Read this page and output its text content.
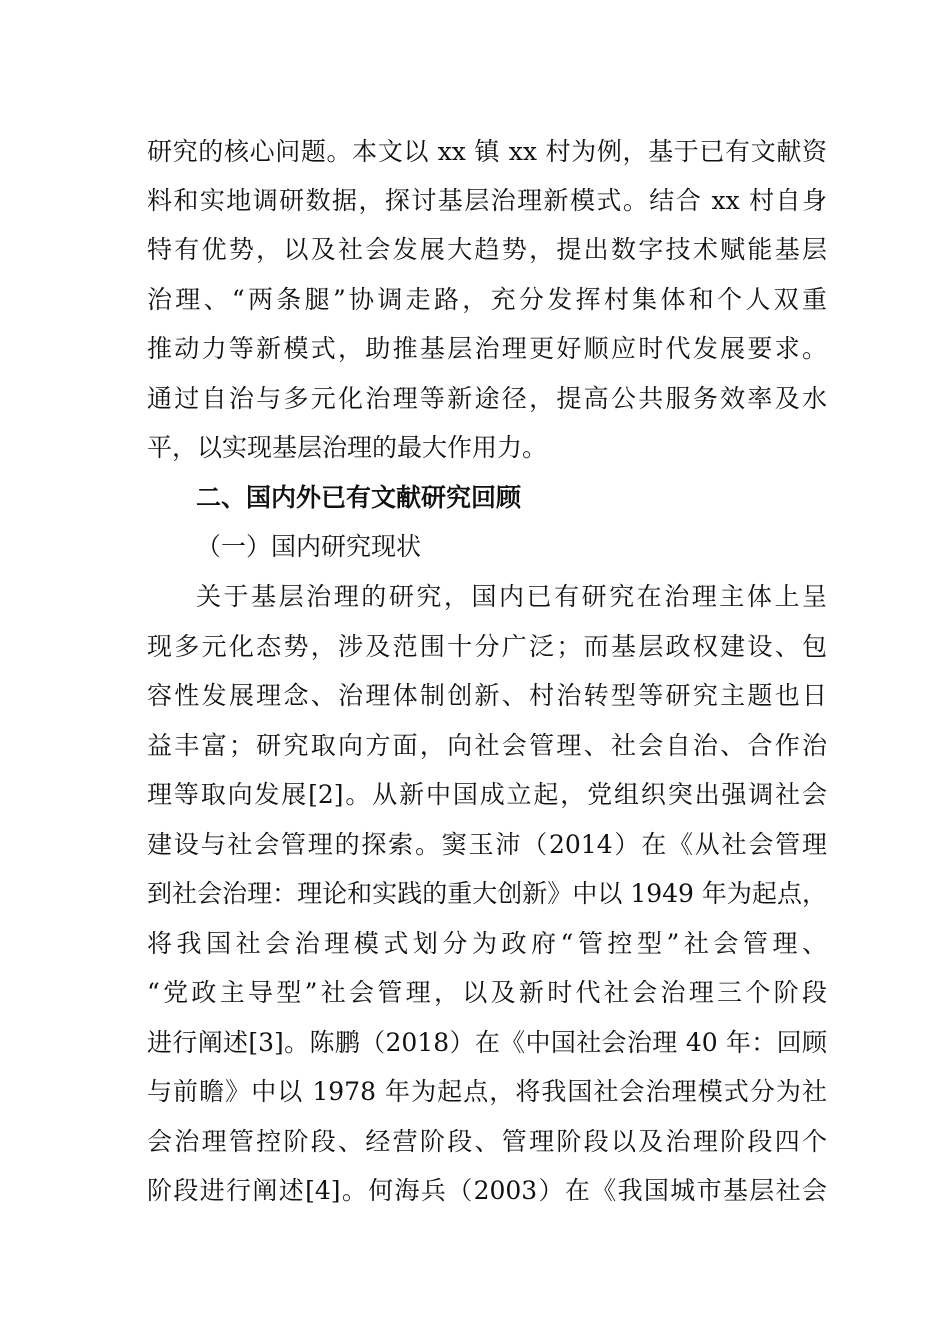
研究的核心问题。本文以 xx 镇 xx 村为例，基于已有文献资
料和实地调研数据，探讨基层治理新模式。结合 xx 村自身
特有优势，以及社会发展大趋势，提出数字技术赋能基层
治理、“两条腿”协调走路，充分发挥村集体和个人双重
推动力等新模式，助推基层治理更好顺应时代发展要求。
通过自治与多元化治理等新途径，提高公共服务效率及水
平，以实现基层治理的最大作用力。
二、国内外已有文献研究回顾
（一）国内研究现状
关于基层治理的研究，国内已有研究在治理主体上呈
现多元化态势，涉及范围十分广泛；而基层政权建设、包
容性发展理念、治理体制创新、村治转型等研究主题也日
益丰富；研究取向方面，向社会管理、社会自治、合作治
理等取向发展[2]。从新中国成立起，党组织突出强调社会
建设与社会管理的探索。窦玉沛（2014）在《从社会管理
到社会治理：理论和实践的重大创新》中以 1949 年为起点，
将我国社会治理模式划分为政府“管控型”社会管理、
“党政主导型”社会管理，以及新时代社会治理三个阶段
进行阐述[3]。陈鹏（2018）在《中国社会治理 40 年：回顾
与前瞻》中以 1978 年为起点，将我国社会治理模式分为社
会治理管控阶段、经营阶段、管理阶段以及治理阶段四个
阶段进行阐述[4]。何海兵（2003）在《我国城市基层社会
